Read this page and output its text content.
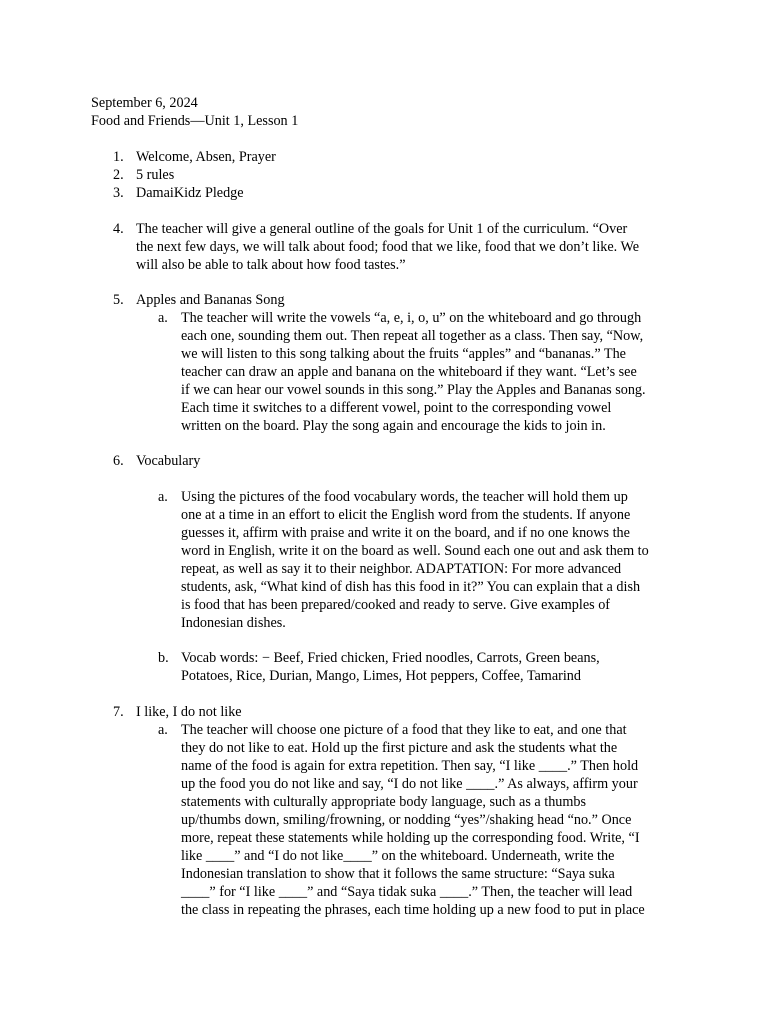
September 6, 2024

Food and Friends—Unit 1, Lesson 1

1. Welcome, Absen, Prayer

2. 5 rules

3. DamaiKidz Pledge

4. The teacher will give a general outline of the goals for Unit 1 of the curriculum. “Over

the next few days, we will talk about food; food that we like, food that we don’t like. We

will also be able to talk about how food tastes.”

5. Apples and Bananas Song

a. The teacher will write the vowels “a, e, i, o, u” on the whiteboard and go through

each one, sounding them out. Then repeat all together as a class. Then say, “Now,

we will listen to this song talking about the fruits “apples” and “bananas.” The

teacher can draw an apple and banana on the whiteboard if they want. “Let’s see

if we can hear our vowel sounds in this song.” Play the Apples and Bananas song.

Each time it switches to a different vowel, point to the corresponding vowel

written on the board. Play the song again and encourage the kids to join in.

6. Vocabulary

a. Using the pictures of the food vocabulary words, the teacher will hold them up

one at a time in an effort to elicit the English word from the students. If anyone

guesses it, affirm with praise and write it on the board, and if no one knows the

word in English, write it on the board as well. Sound each one out and ask them to

repeat, as well as say it to their neighbor. ADAPTATION: For more advanced

students, ask, “What kind of dish has this food in it?” You can explain that a dish

is food that has been prepared/cooked and ready to serve. Give examples of

Indonesian dishes.

b. Vocab words: − Beef, Fried chicken, Fried noodles, Carrots, Green beans,

Potatoes, Rice, Durian, Mango, Limes, Hot peppers, Coffee, Tamarind

7. I like, I do not like

a. The teacher will choose one picture of a food that they like to eat, and one that

they do not like to eat. Hold up the first picture and ask the students what the

name of the food is again for extra repetition. Then say, “I like ____.” Then hold

up the food you do not like and say, “I do not like ____.” As always, affirm your

statements with culturally appropriate body language, such as a thumbs

up/thumbs down, smiling/frowning, or nodding “yes”/shaking head “no.” Once

more, repeat these statements while holding up the corresponding food. Write, “I

like ____” and “I do not like____” on the whiteboard. Underneath, write the

Indonesian translation to show that it follows the same structure: “Saya suka

____” for “I like ____” and “Saya tidak suka ____.” Then, the teacher will lead

the class in repeating the phrases, each time holding up a new food to put in place
